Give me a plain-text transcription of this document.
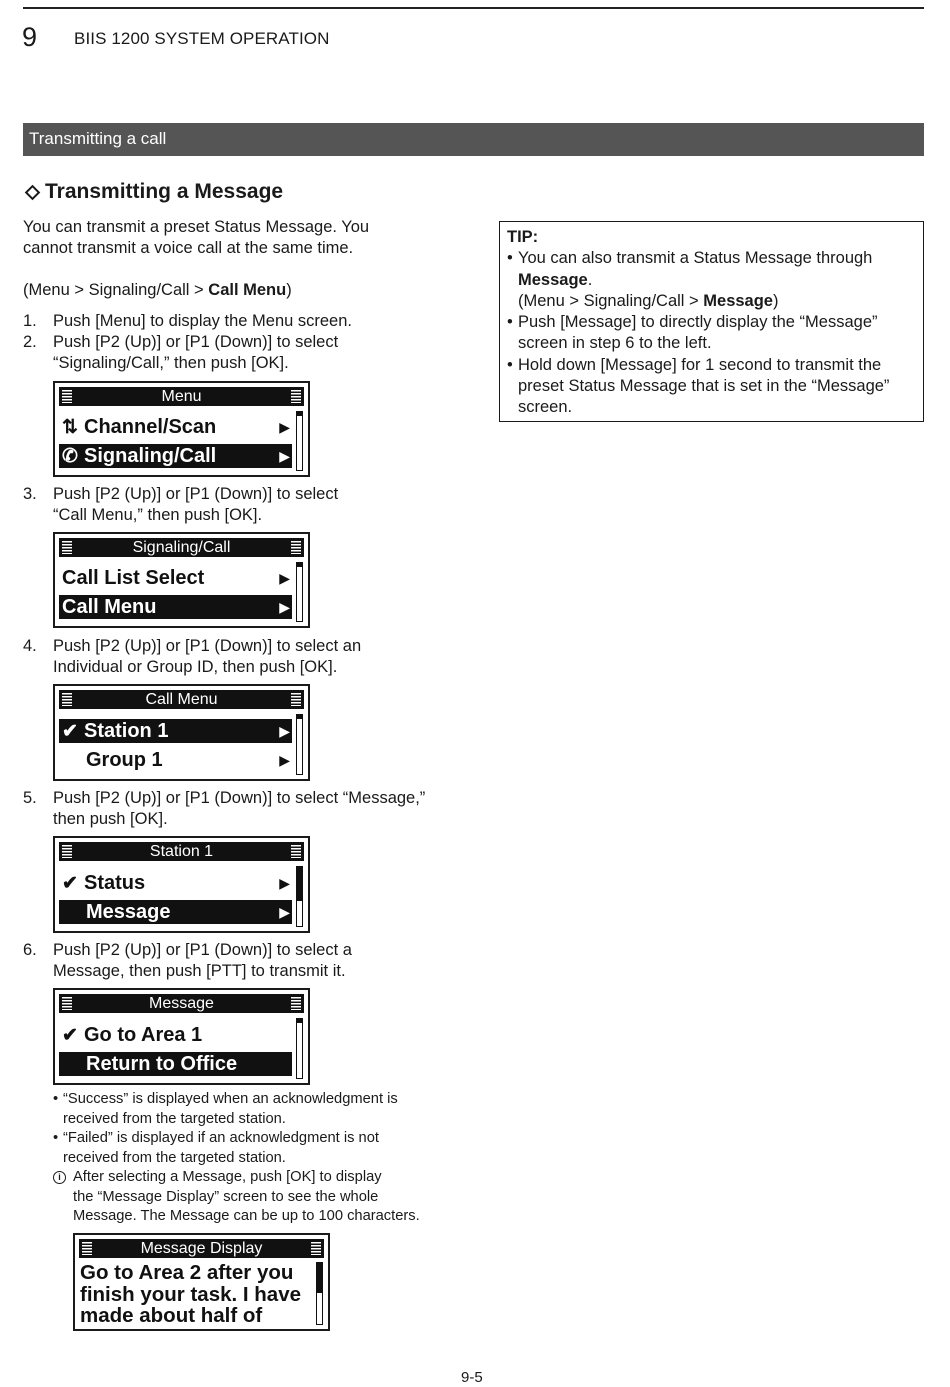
9 BIIS 1200 SYSTEM OPERATION
Transmitting a call
Transmitting a Message
You can transmit a preset Status Message. You
cannot transmit a voice call at the same time.
(Menu > Signaling/Call > Call Menu)
1. Push [Menu] to display the Menu screen.
2. Push [P2 (Up)] or [P1 (Down)] to select
“Signaling/Call,” then push [OK].
Menu
⇅ Channel/Scan	▶
✆ Signaling/Call	▶
3. Push [P2 (Up)] or [P1 (Down)] to select
“Call Menu,” then push [OK].
Signaling/Call
Call List Select	▶
Call Menu	▶
4. Push [P2 (Up)] or [P1 (Down)] to select an
Individual or Group ID, then push [OK].
Call Menu
✔ Station 1	▶
Group 1	▶
5. Push [P2 (Up)] or [P1 (Down)] to select “Message,”
then push [OK].
Station 1
✔ Status	▶
Message	▶
6. Push [P2 (Up)] or [P1 (Down)] to select a
Message, then push [PTT] to transmit it.
Message
✔ Go to Area 1
Return to Office
• “Success” is displayed when an acknowledgment is
received from the targeted station.
• “Failed” is displayed if an acknowledgment is not
received from the targeted station.
i After selecting a Message, push [OK] to display
the “Message Display” screen to see the whole
Message. The Message can be up to 100 characters.
Message Display
Go to Area 2 after you
finish your task. I have
made about half of
TIP:
• You can also transmit a Status Message through
Message.
(Menu > Signaling/Call > Message)
• Push [Message] to directly display the “Message”
screen in step 6 to the left.
• Hold down [Message] for 1 second to transmit the
preset Status Message that is set in the “Message”
screen.
9-5
